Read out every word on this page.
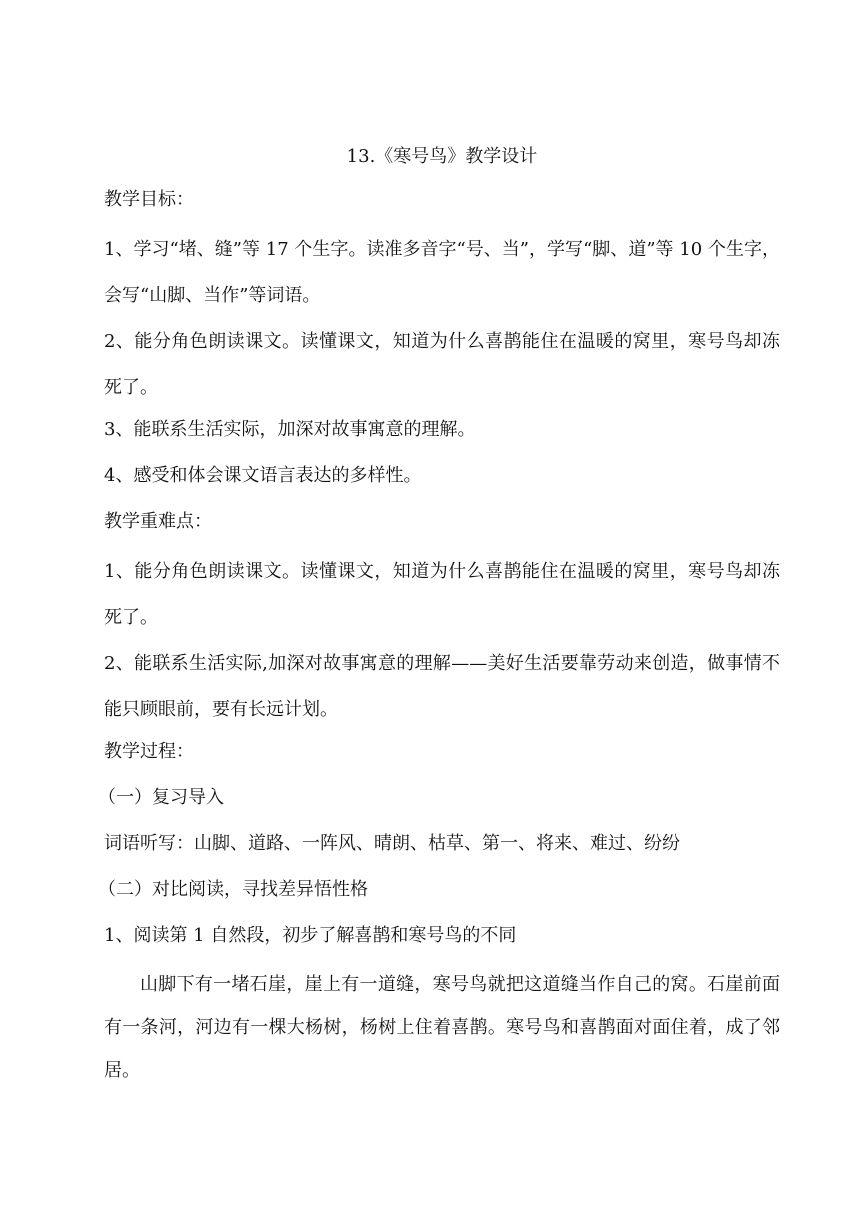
13.《寒号鸟》教学设计
教学目标：

1、学习“堵、缝”等 17 个生字。读准多音字“号、当”，学写“脚、道”等 10 个生字，会写“山脚、当作”等词语。

2、能分角色朗读课文。读懂课文，知道为什么喜鹊能住在温暖的窝里，寒号鸟却冻死了。

3、能联系生活实际，加深对故事寓意的理解。
4、感受和体会课文语言表达的多样性。
教学重难点：

1、能分角色朗读课文。读懂课文，知道为什么喜鹊能住在温暖的窝里，寒号鸟却冻死了。

2、能联系生活实际,加深对故事寓意的理解——美好生活要靠劳动来创造，做事情不能只顾眼前，要有长远计划。

教学过程：
（一）复习导入
词语听写：山脚、道路、一阵风、晴朗、枯草、第一、将来、难过、纷纷
（二）对比阅读，寻找差异悟性格
1、阅读第 1 自然段，初步了解喜鹊和寒号鸟的不同

山脚下有一堵石崖，崖上有一道缝，寒号鸟就把这道缝当作自己的窝。石崖前面有一条河，河边有一棵大杨树，杨树上住着喜鹊。寒号鸟和喜鹊面对面住着，成了邻居。
